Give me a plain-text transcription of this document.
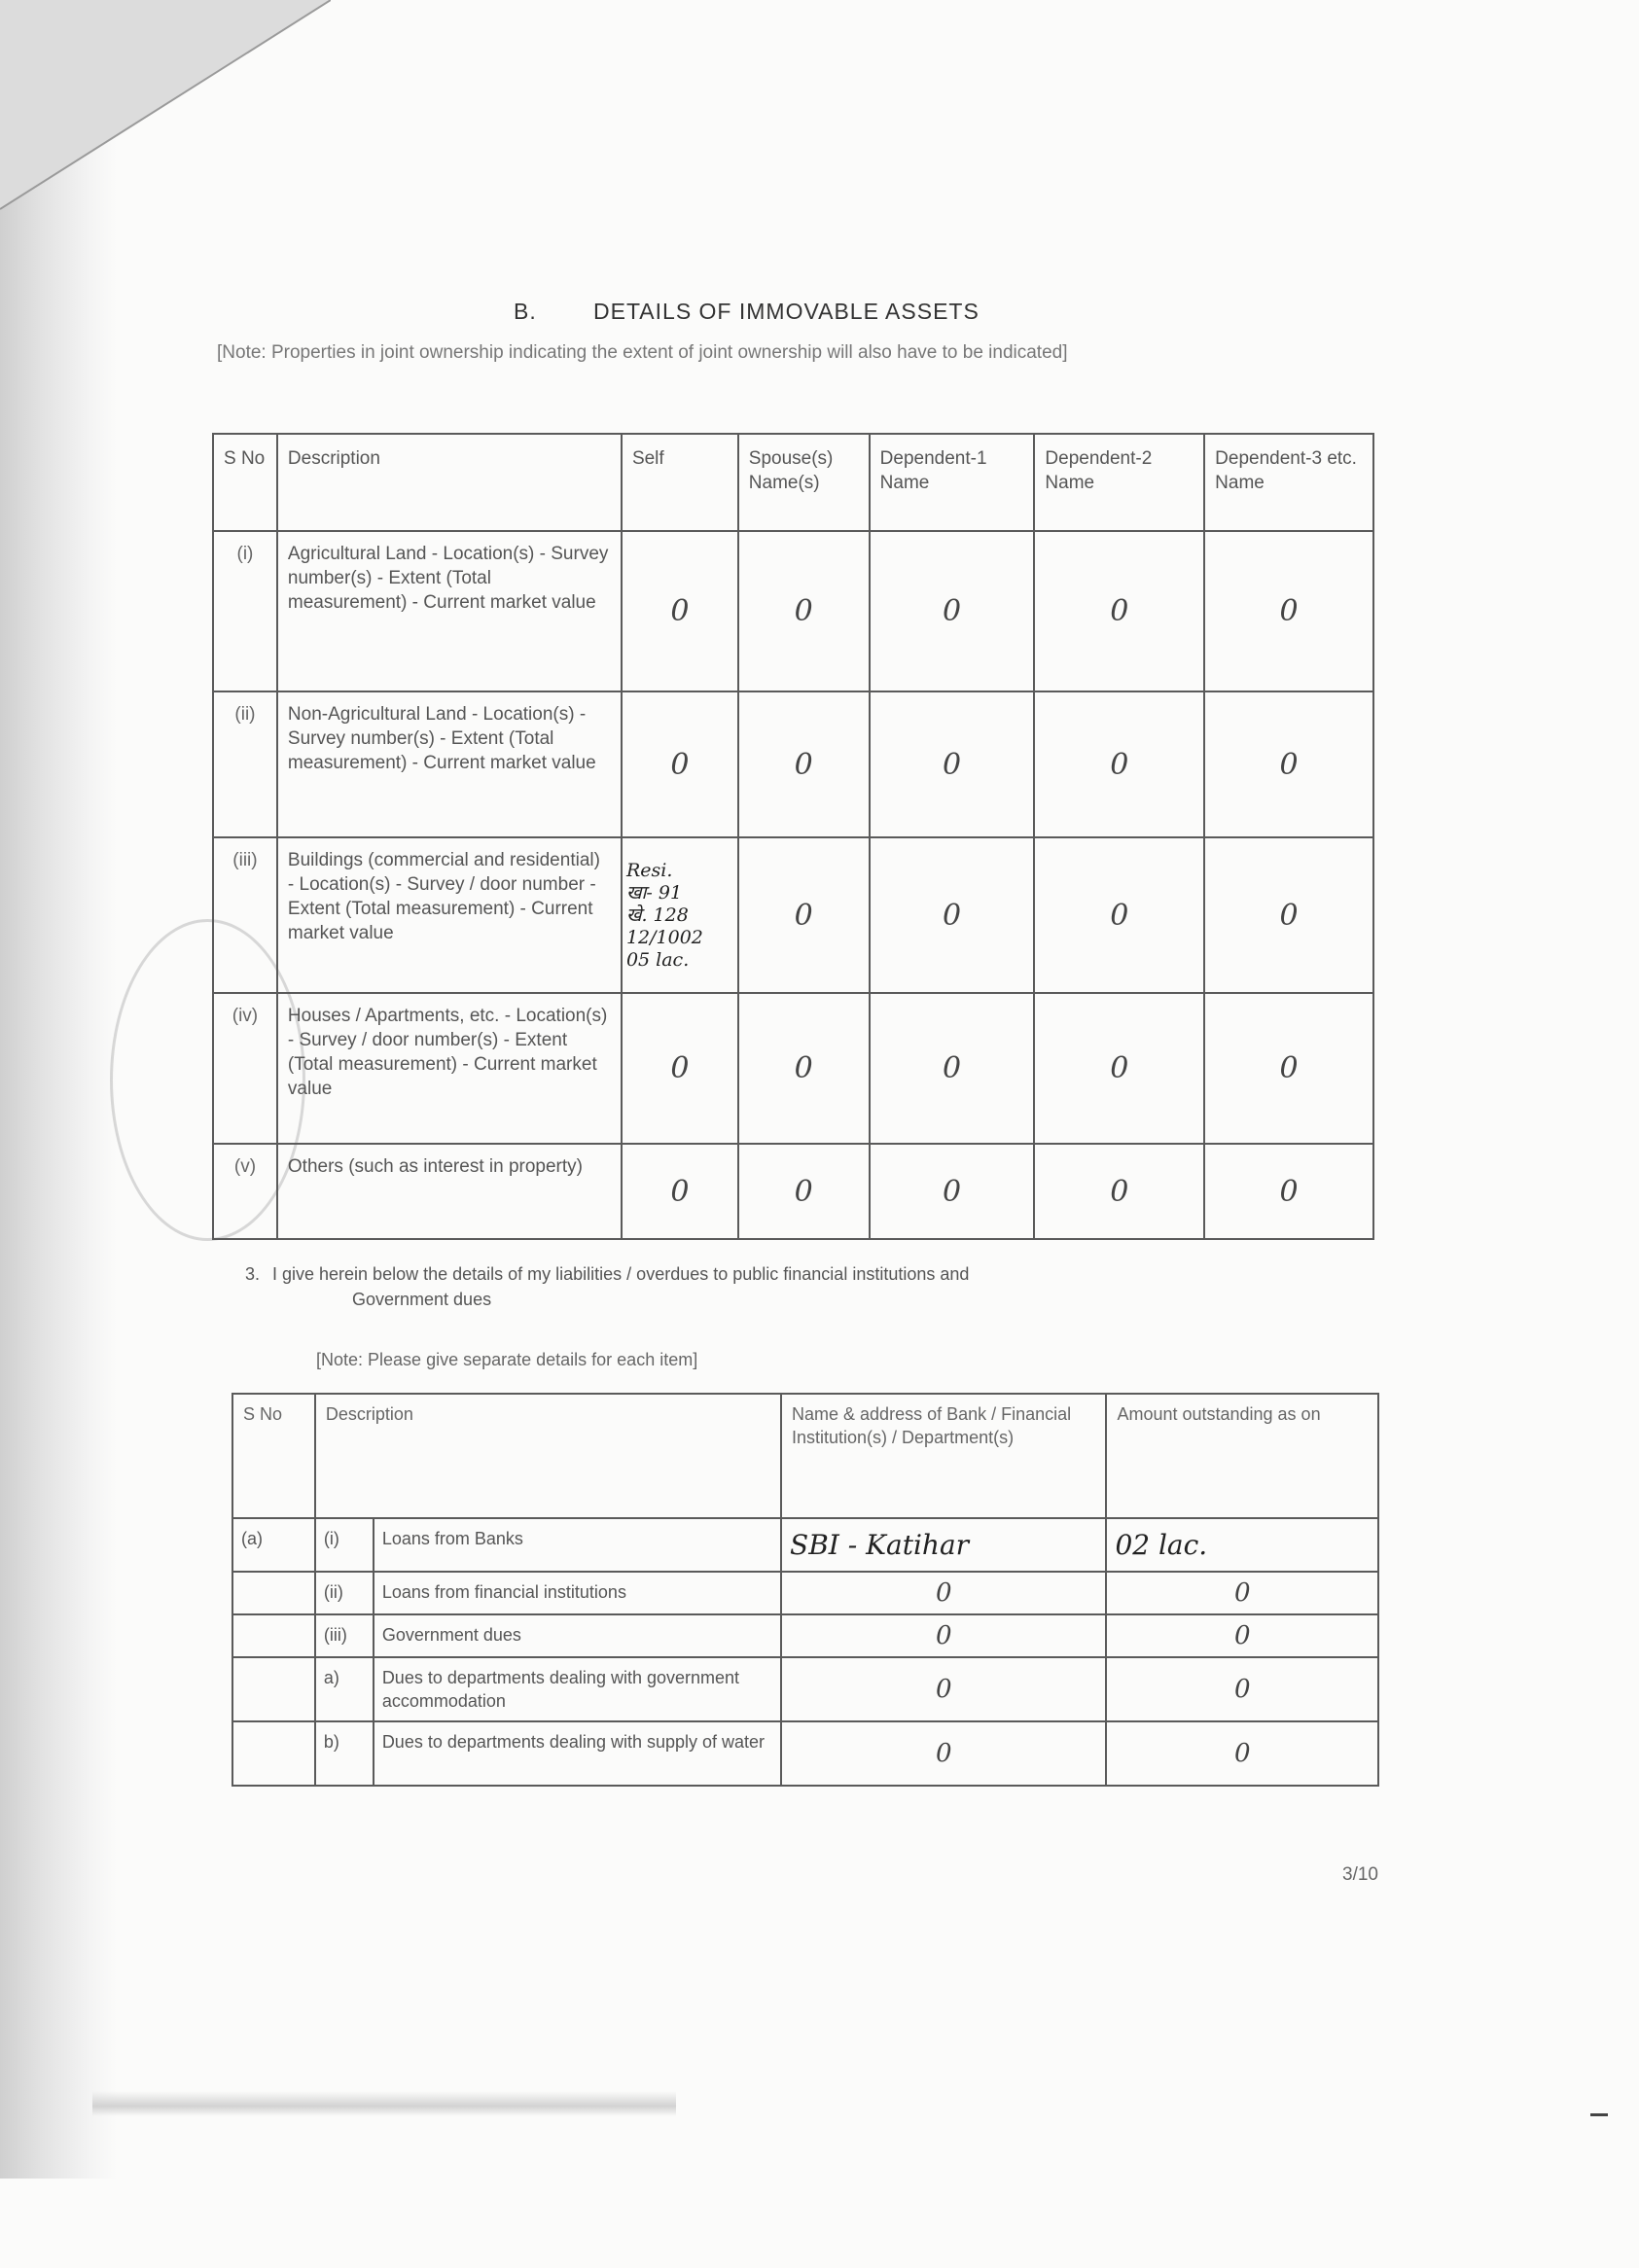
B.	DETAILS OF IMMOVABLE ASSETS
[Note: Properties in joint ownership indicating the extent of joint ownership will also have to be indicated]
S No	Description	Self	Spouse(s) Name(s)	Dependent-1 Name	Dependent-2 Name	Dependent-3 etc. Name
(i)	Agricultural Land - Location(s) - Survey number(s) - Extent (Total measurement) - Current market value	0	0	0	0	0
(ii)	Non-Agricultural Land - Location(s) - Survey number(s) - Extent (Total measurement) - Current market value	0	0	0	0	0
(iii)	Buildings (commercial and residential) - Location(s) - Survey / door number - Extent (Total measurement) - Current market value	Resi.
खा- 91
खे. 128
12/1002
05 lac.	0	0	0	0
(iv)	Houses / Apartments, etc. - Location(s) - Survey / door number(s) - Extent (Total measurement) - Current market value	0	0	0	0	0
(v)	Others (such as interest in property)	0	0	0	0	0
3. I give herein below the details of my liabilities / overdues to public financial institutions and
Government dues
[Note: Please give separate details for each item]
S No	Description		Name & address of Bank / Financial Institution(s) / Department(s)	Amount outstanding as on
(a)	(i)	Loans from Banks	SBI - Katihar	02 lac.
	(ii)	Loans from financial institutions	0	0
	(iii)	Government dues	0	0
	a)	Dues to departments dealing with government accommodation	0	0
	b)	Dues to departments dealing with supply of water	0	0
3/10
